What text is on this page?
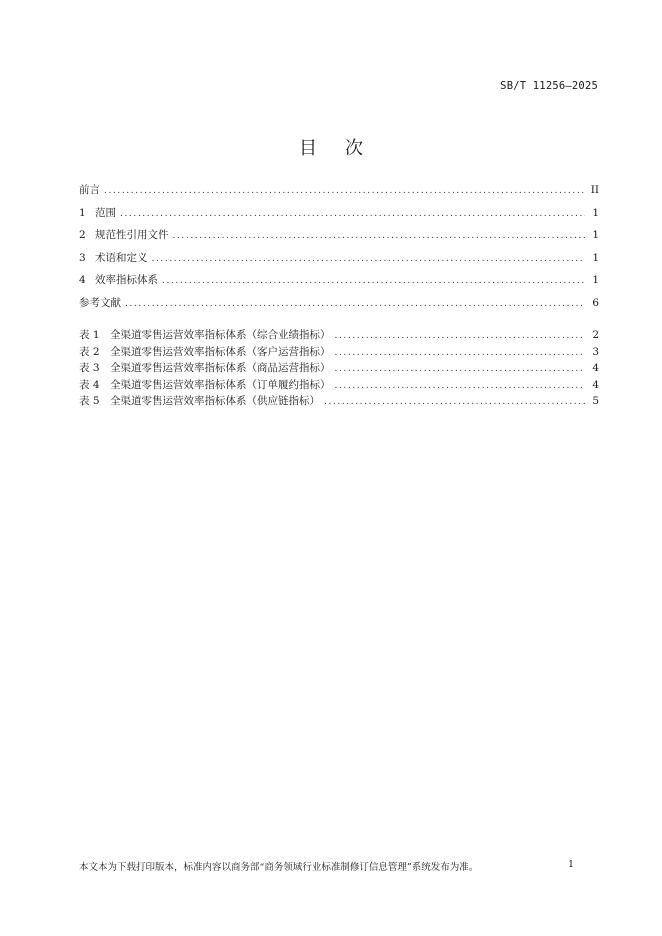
SB/T 11256—2025
目次
前言 .....	II
1 范围 .....	1
2 规范性引用文件 .....	1
3 术语和定义 .....	1
4 效率指标体系 .....	1
参考文献 .....	6
表 1 全渠道零售运营效率指标体系（综合业绩指标） .....	2
表 2 全渠道零售运营效率指标体系（客户运营指标） .....	3
表 3 全渠道零售运营效率指标体系（商品运营指标） .....	4
表 4 全渠道零售运营效率指标体系（订单履约指标） .....	4
表 5 全渠道零售运营效率指标体系（供应链指标） .....	5
本文本为下载打印版本，标准内容以商务部“商务领域行业标准制修订信息管理”系统发布为准。	1
